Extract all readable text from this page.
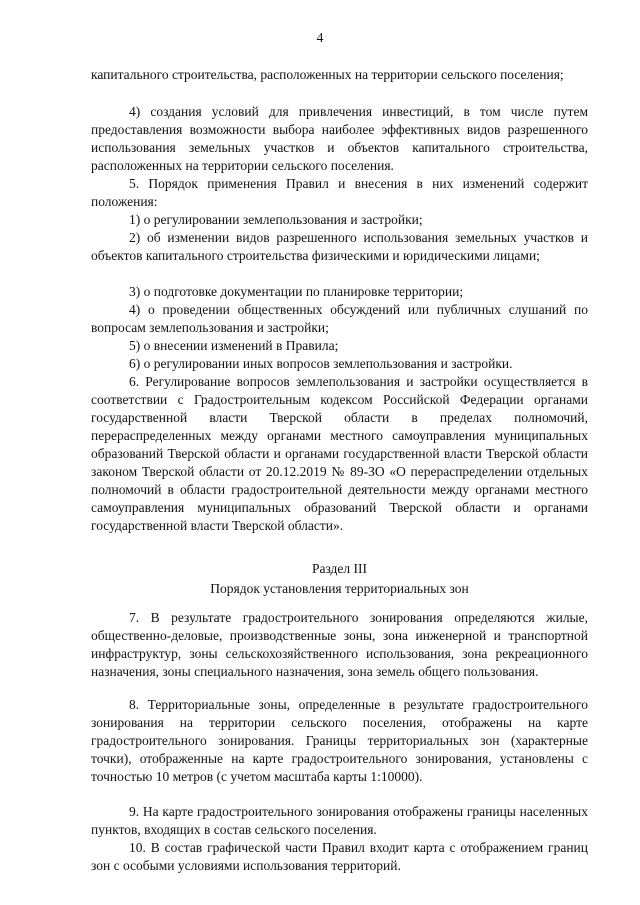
4

капитального строительства, расположенных на территории сельского поселения;

4) создания условий для привлечения инвестиций, в том числе путем предоставления возможности выбора наиболее эффективных видов разрешенного использования земельных участков и объектов капитального строительства, расположенных на территории сельского поселения.

5. Порядок применения Правил и внесения в них изменений содержит положения:

1) о регулировании землепользования и застройки;

2) об изменении видов разрешенного использования земельных участков и объектов капитального строительства физическими и юридическими лицами;

3) о подготовке документации по планировке территории;

4) о проведении общественных обсуждений или публичных слушаний по вопросам землепользования и застройки;

5) о внесении изменений в Правила;

6) о регулировании иных вопросов землепользования и застройки.

6. Регулирование вопросов землепользования и застройки осуществляется в соответствии с Градостроительным кодексом Российской Федерации органами государственной власти Тверской области в пределах полномочий, перераспределенных между органами местного самоуправления муниципальных образований Тверской области и органами государственной власти Тверской области законом Тверской области от 20.12.2019 № 89-ЗО «О перераспределении отдельных полномочий в области градостроительной деятельности между органами местного самоуправления муниципальных образований Тверской области и органами государственной власти Тверской области».

Раздел III

Порядок установления территориальных зон

7. В результате градостроительного зонирования определяются жилые, общественно-деловые, производственные зоны, зона инженерной и транспортной инфраструктур, зоны сельскохозяйственного использования, зона рекреационного назначения, зоны специального назначения, зона земель общего пользования.

8. Территориальные зоны, определенные в результате градостроительного зонирования на территории сельского поселения, отображены на карте градостроительного зонирования. Границы территориальных зон (характерные точки), отображенные на карте градостроительного зонирования, установлены с точностью 10 метров (с учетом масштаба карты 1:10000).

9. На карте градостроительного зонирования отображены границы населенных пунктов, входящих в состав сельского поселения.

10. В состав графической части Правил входит карта с отображением границ зон с особыми условиями использования территорий.
